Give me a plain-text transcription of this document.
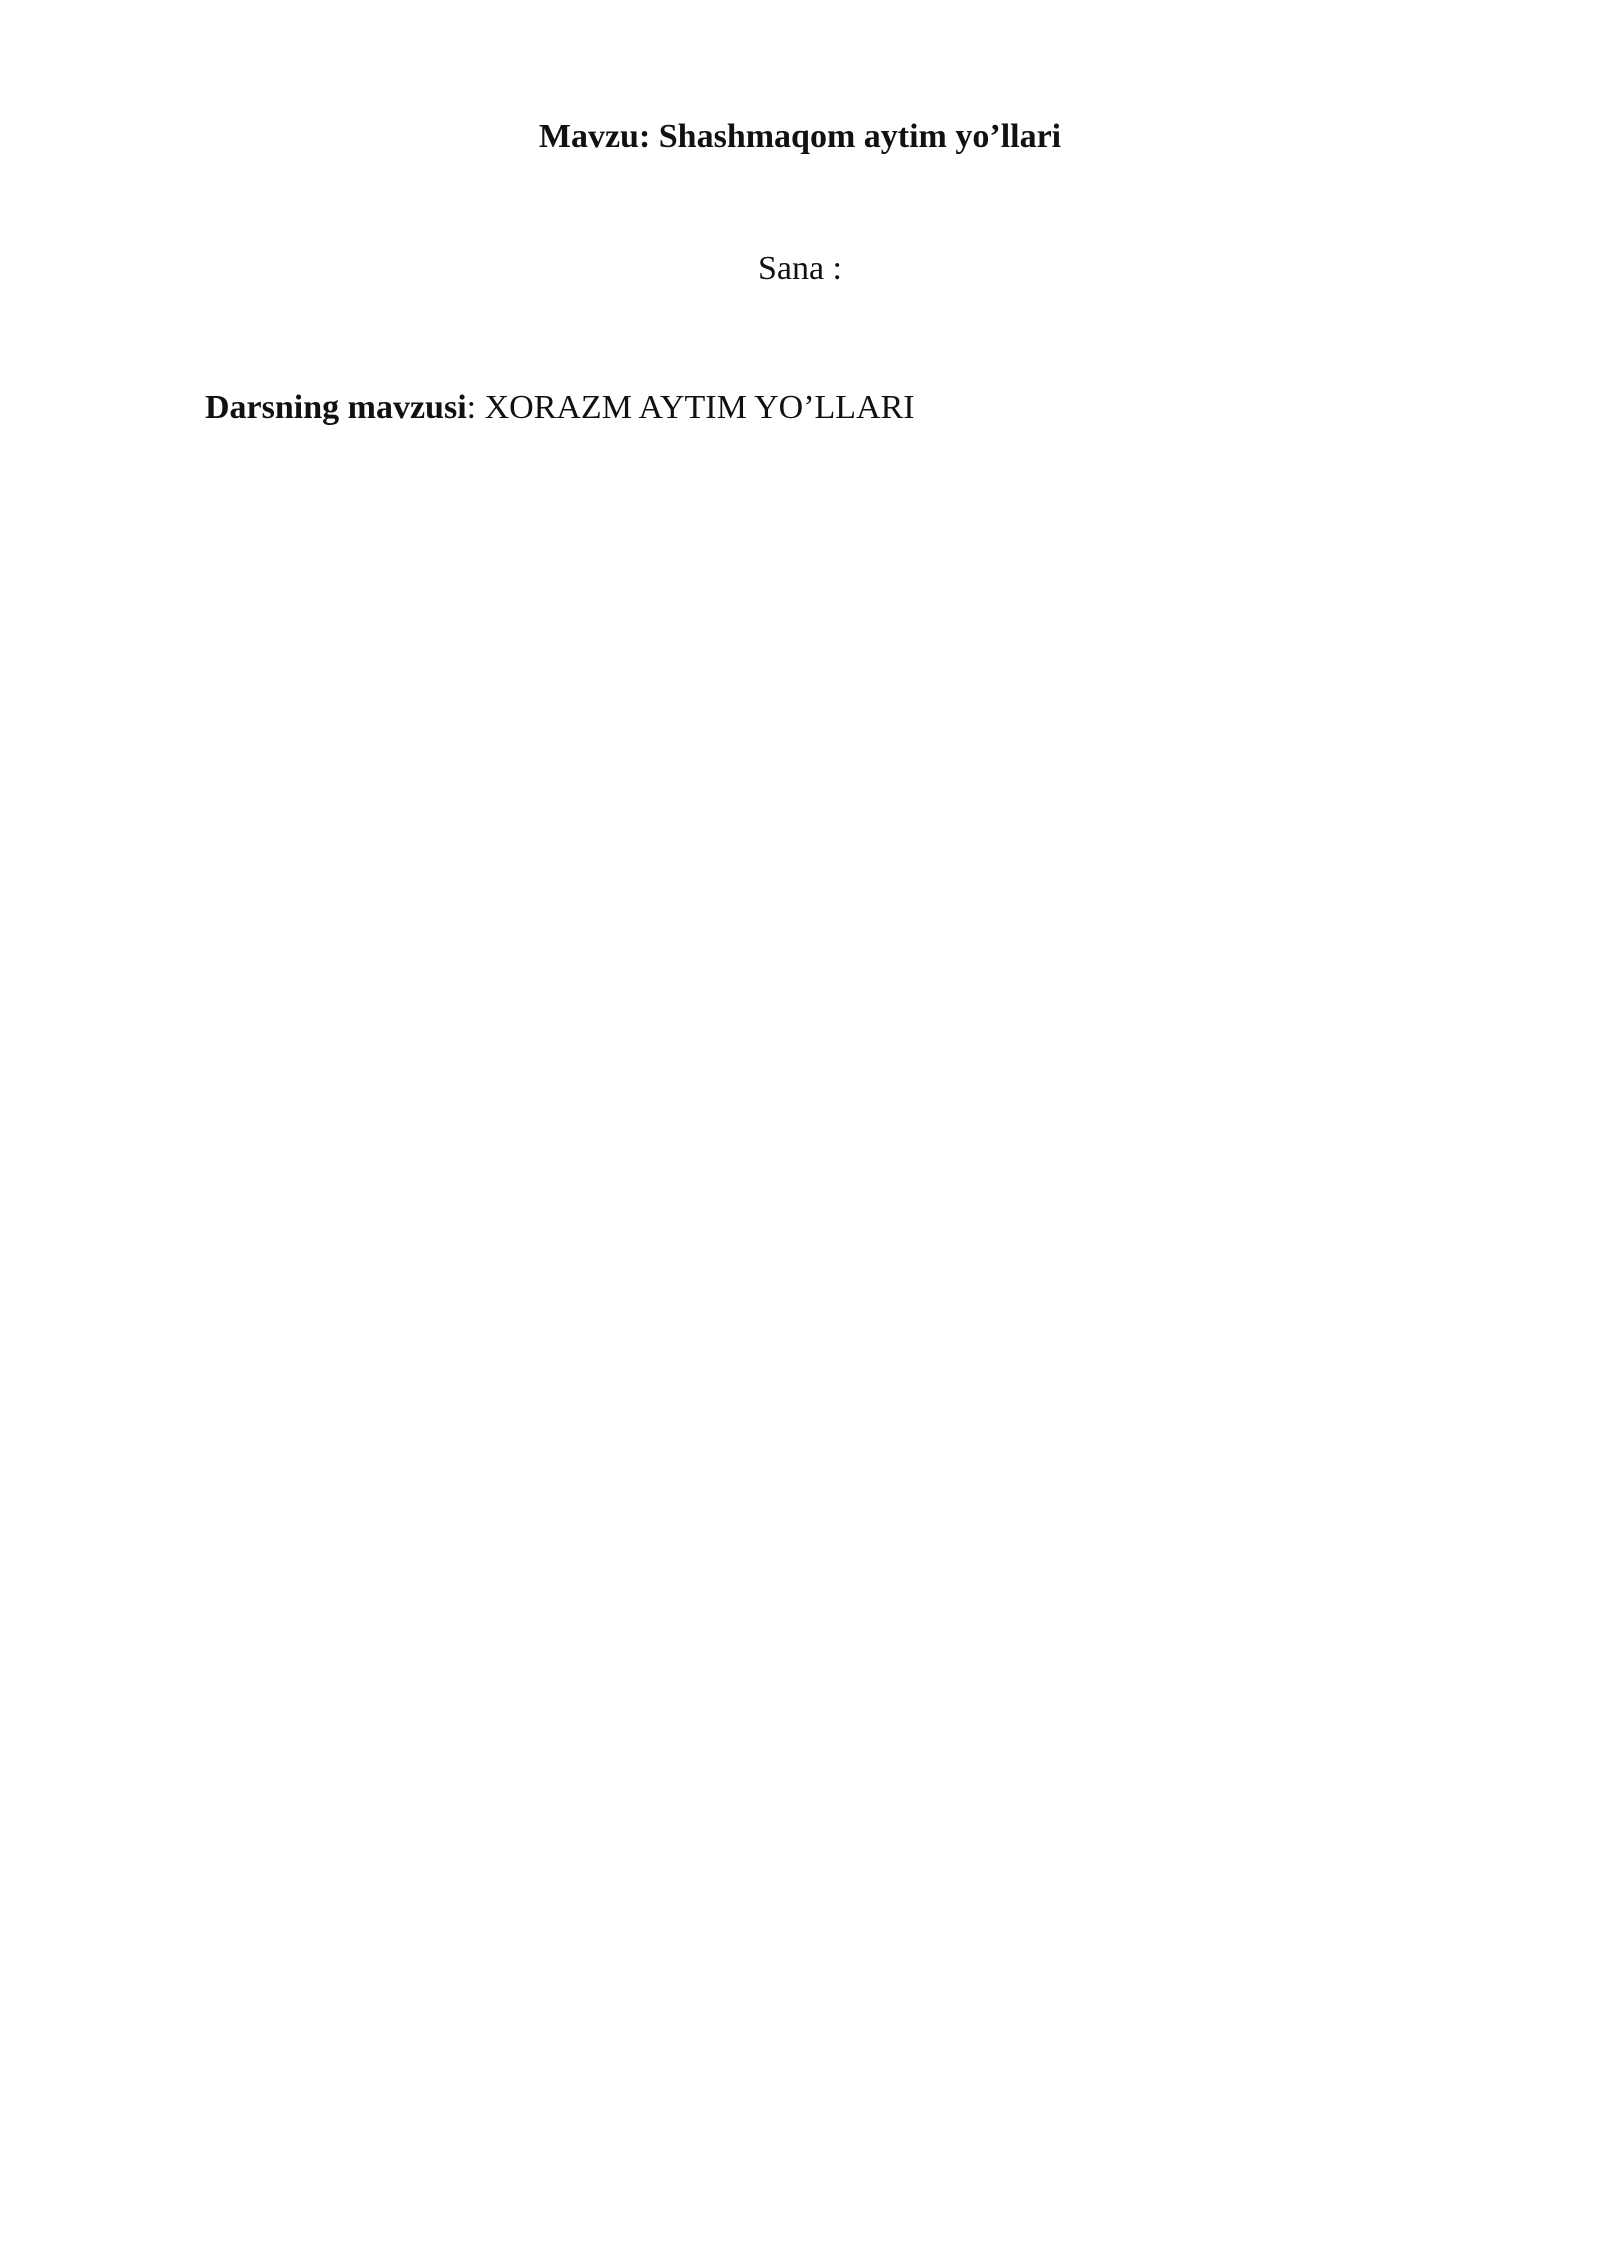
Mavzu: Shashmaqom aytim yo’llari
Sana :

Darsning mavzusi: XORAZM AYTIM YO’LLARI
